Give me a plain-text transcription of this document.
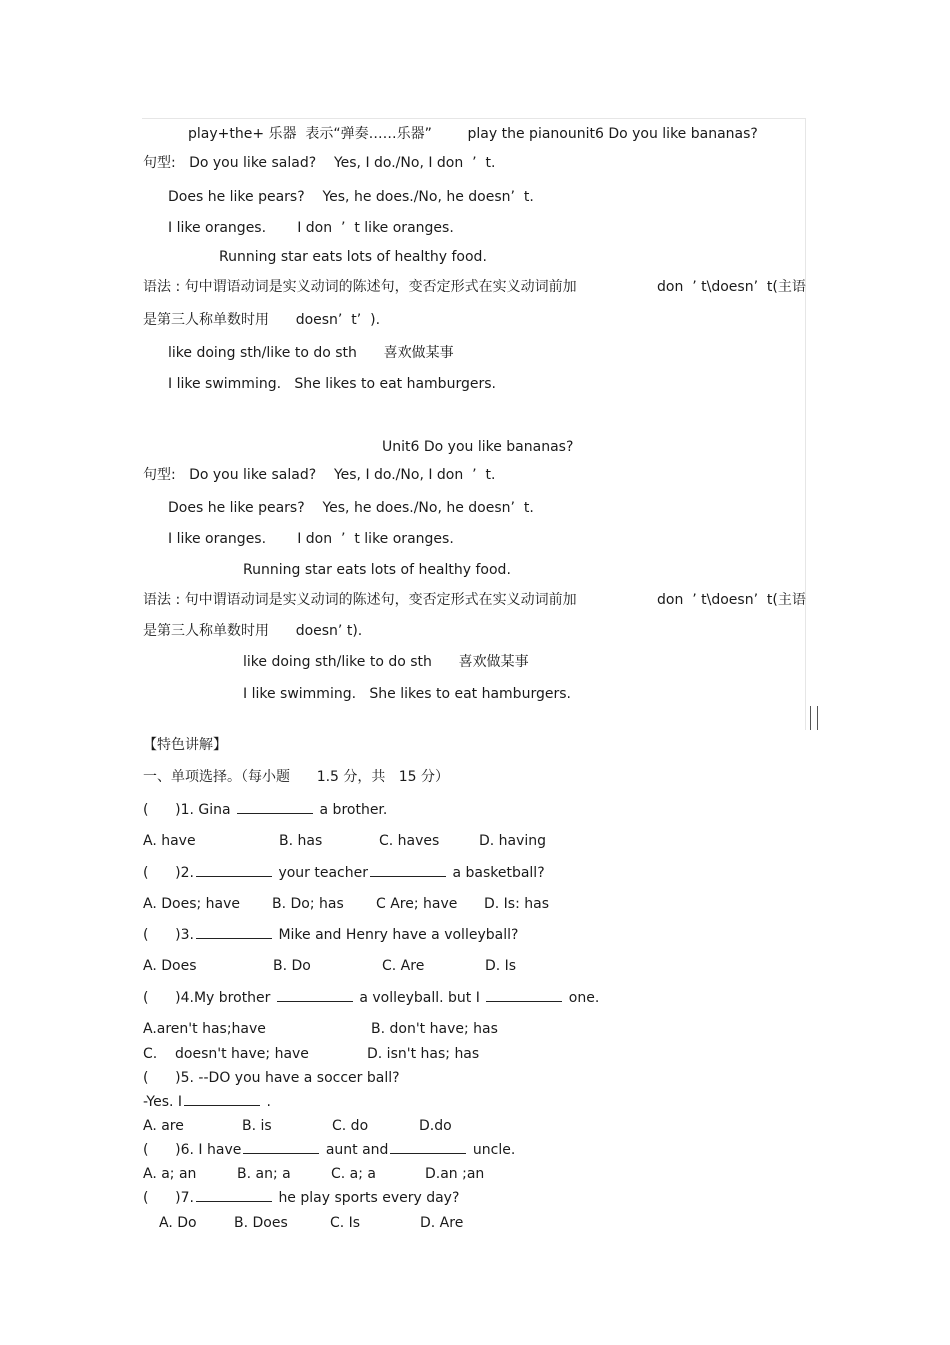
play+the+ 乐器  表示“弹奏……乐器”        play the pianounit6 Do you like bananas?
句型:   Do you like salad?    Yes, I do./No, I don  ’  t.
Does he like pears?    Yes, he does./No, he doesn’  t.
I like oranges.       I don  ’  t like oranges.
Running star eats lots of healthy food.
语法 : 句中谓语动词是实义动词的陈述句，变否定形式在实义动词前加	don  ’ t\doesn’  t(主语
是第三人称单数时用      doesn’  t’  ).
like doing sth/like to do sth      喜欢做某事
I like swimming.   She likes to eat hamburgers.
Unit6 Do you like bananas?
句型:   Do you like salad?    Yes, I do./No, I don  ’  t.
Does he like pears?    Yes, he does./No, he doesn’  t.
I like oranges.       I don  ’  t like oranges.
Running star eats lots of healthy food.
语法 : 句中谓语动词是实义动词的陈述句，变否定形式在实义动词前加	don  ’ t\doesn’  t(主语
是第三人称单数时用      doesn’ t).
like doing sth/like to do sth      喜欢做某事
I like swimming.   She likes to eat hamburgers.
【特色讲解】
一、单项选择。（每小题      1.5 分，共   15 分）
(      )1. Gina	a brother.
A. have	B. has	C. haves	D. having
(      )2.	your teacher	a basketball?
A. Does; have B. Do; has C Are; have D. Is: has
(      )3.	Mike and Henry have a volleyball?
A. Does	B. Do	C. Are	D. Is
(      )4.My brother	a volleyball. but I	one.
A.aren't has;have	B. don't have; has
C.    doesn't have; have	D. isn't has; has
(      )5. --DO you have a soccer ball?
-Yes. I	.
A. are	B. is	C. do	D.do
(      )6. I have	aunt and	uncle.
A. a; an	B. an; a	C. a; a	D.an ;an
(      )7.	he play sports every day?
A. Do	B. Does	C. Is	D. Are
